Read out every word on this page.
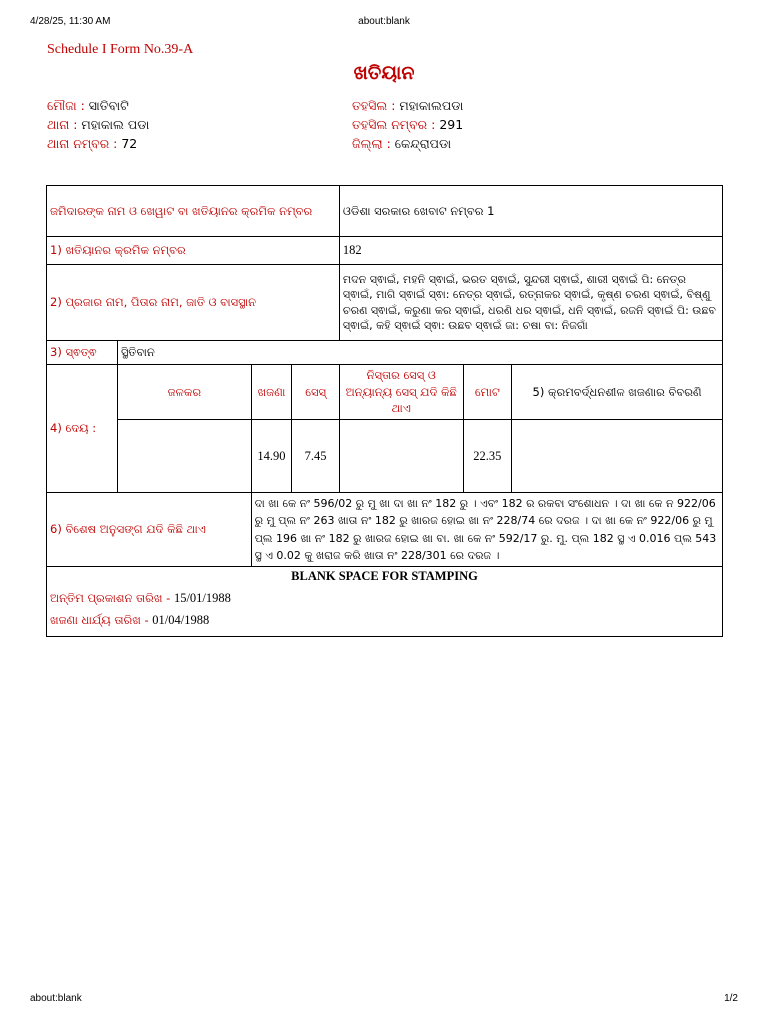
4/28/25, 11:30 AM	about:blank
Schedule I Form No.39-A
ଖତିୟାନ
ମୌଜା : ସାତିବାଟି
ଥାନା : ମହାକାଲ ପଡା
ଥାନା ନମ୍ବର : 72
ତହସିଲ : ମହାକାଲପଡା
ତହସିଲ ନମ୍ବର : 291
ଜିଲ୍ଲା : କେନ୍ଦ୍ରାପଡା
ଜମିଦାରଙ୍କ ନାମ ଓ ଖେୱାଟ ବା ଖତିୟାନର କ୍ରମିକ ନମ୍ବର				ଓଡିଶା ସରକାର ଖେବାଟ ନମ୍ବର 1		
1) ଖତିୟାନର କ୍ରମିକ ନମ୍ବର				182		
2) ପ୍ରଜାର ନାମ, ପିତାର ନାମ, ଜାତି ଓ ବାସସ୍ଥାନ				ମଦନ ସ୍ଵାଇଁ, ମହନି ସ୍ଵାଇଁ, ଭରତ ସ୍ଵାଇଁ, ସୁନ୍ଦରୀ ସ୍ଵାଇଁ, ଶାରୀ ସ୍ଵାଇଁ ପି: ନେତ୍ର ସ୍ଵାଇଁ, ମାଗି ସ୍ଵାଇଁ ସ୍ଵା: ନେତ୍ର ସ୍ଵାଇଁ, ରତ୍ନାକର ସ୍ଵାଇଁ, କୃଷ୍ଣ ଚରଣ ସ୍ଵାଇଁ, ବିଷ୍ଣୁ ଚରଣ ସ୍ଵାଇଁ, କରୁଣା କର ସ୍ଵାଇଁ, ଧରଣି ଧର ସ୍ଵାଇଁ, ଧନି ସ୍ଵାଇଁ, ରଜନି ସ୍ଵାଇଁ ପି: ଉଛବ ସ୍ଵାଇଁ, କହି ସ୍ଵାଇଁ ସ୍ଵା: ଉଛବ ସ୍ଵାଇଁ ଜା: ଚଷା ବା: ନିଜଗାଁ		
3) ସ୍ଵତ୍ଵ	ସ୍ଥିତିବାନ					
4) ଦେୟ :	ଜଳକର	ଖଜଣା	ସେସ୍	ନିସ୍ତାର ସେସ୍ ଓ ଅନ୍ୟାନ୍ୟ ସେସ୍ ଯଦି କିଛି ଥାଏ	ମୋଟ	5) କ୍ରମବର୍ଦ୍ଧନଶୀଳ ଖଜଣାର ବିବରଣି
		14.90	7.45		22.35	
6) ବିଶେଷ ଅନୁସଙ୍ଗ ଯଦି କିଛି ଥାଏ		ଦା ଖା କେ ନଂ 596/02 ରୁ ମୁ ଖା ଦା ଖା ନଂ 182 ରୁ । ଏବଂ 182 ର ରକବା ସଂଶୋଧନ । ଦା ଖା କେ ନ 922/06 ରୁ ମୁ ପ୍ଲ ନଂ 263 ଖାତା ନଂ 182 ରୁ ଖାରଜ ହୋଇ ଖା ନଂ 228/74 ରେ ଦରଜ । ଦା ଖା କେ ନଂ 922/06 ରୁ ମୁ ପ୍ଲ 196 ଖା ନଂ 182 ରୁ ଖାରଜ ହୋଇ ଖା ବା. ଖା କେ ନଂ 592/17 ରୁ. ମୁ. ପ୍ଲ 182 ସ୍ଥ ଏ 0.016 ପ୍ଲ 543 ସ୍ଥ ଏ 0.02 କୁ ଖରାଜ କରି ଖାତା ନଂ 228/301 ରେ ଦରଜ ।				

BLANK SPACE FOR STAMPING
ଅନ୍ତିମ ପ୍ରକାଶନ ତାରିଖ - 15/01/1988
ଖଜଣା ଧାର୍ଯ୍ୟ ତାରିଖ - 01/04/1988						
about:blank	1/2
